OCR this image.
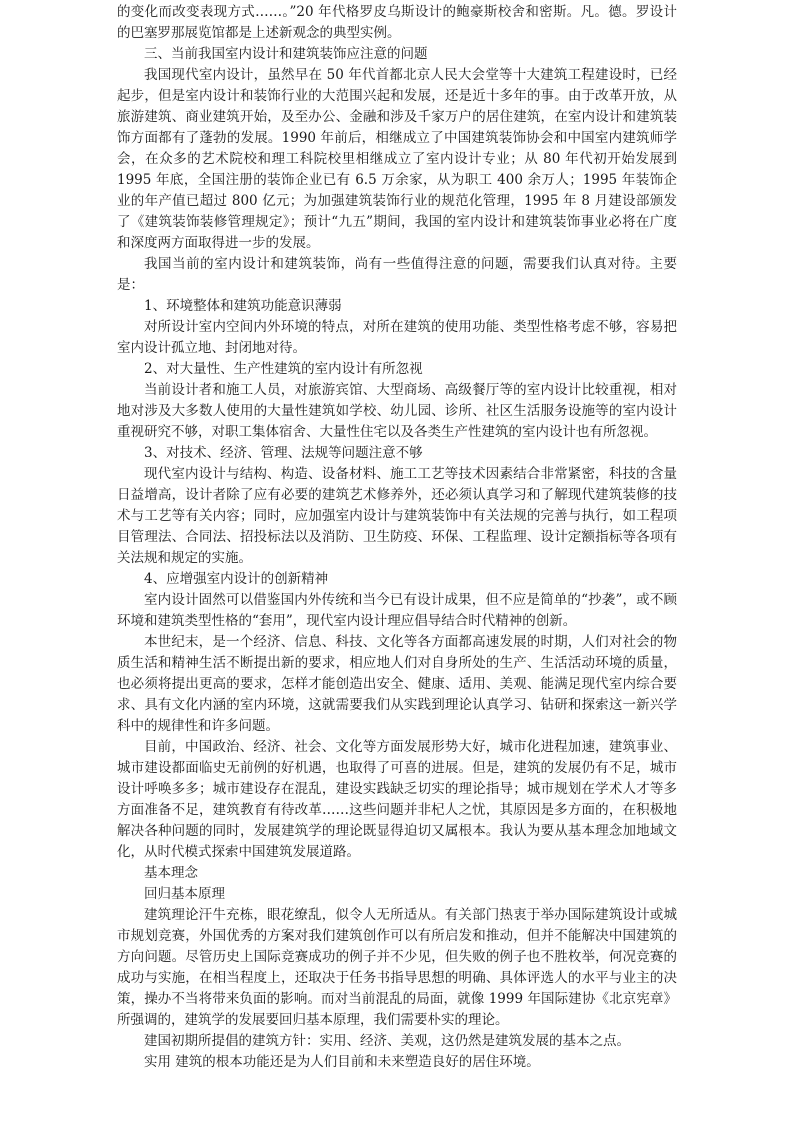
的变化而改变表现方式……。”20 年代格罗皮乌斯设计的鲍豪斯校舍和密斯。凡。德。罗设计的巴塞罗那展览馆都是上述新观念的典型实例。

三、当前我国室内设计和建筑装饰应注意的问题

我国现代室内设计，虽然早在 50 年代首都北京人民大会堂等十大建筑工程建设时，已经起步，但是室内设计和装饰行业的大范围兴起和发展，还是近十多年的事。由于改革开放，从旅游建筑、商业建筑开始，及至办公、金融和涉及千家万户的居住建筑，在室内设计和建筑装饰方面都有了蓬勃的发展。1990 年前后，相继成立了中国建筑装饰协会和中国室内建筑师学会，在众多的艺术院校和理工科院校里相继成立了室内设计专业；从 80 年代初开始发展到 1995 年底，全国注册的装饰企业已有 6.5 万余家，从为职工 400 余万人；1995 年装饰企业的年产值已超过 800 亿元；为加强建筑装饰行业的规范化管理，1995 年 8 月建设部颁发了《建筑装饰装修管理规定》；预计“九五”期间，我国的室内设计和建筑装饰事业必将在广度和深度两方面取得进一步的发展。

我国当前的室内设计和建筑装饰，尚有一些值得注意的问题，需要我们认真对待。主要是：

1、环境整体和建筑功能意识薄弱

对所设计室内空间内外环境的特点，对所在建筑的使用功能、类型性格考虑不够，容易把室内设计孤立地、封闭地对待。

2、对大量性、生产性建筑的室内设计有所忽视

当前设计者和施工人员，对旅游宾馆、大型商场、高级餐厅等的室内设计比较重视，相对地对涉及大多数人使用的大量性建筑如学校、幼儿园、诊所、社区生活服务设施等的室内设计重视研究不够，对职工集体宿舍、大量性住宅以及各类生产性建筑的室内设计也有所忽视。

3、对技术、经济、管理、法规等问题注意不够

现代室内设计与结构、构造、设备材料、施工工艺等技术因素结合非常紧密，科技的含量日益增高，设计者除了应有必要的建筑艺术修养外，还必须认真学习和了解现代建筑装修的技术与工艺等有关内容；同时，应加强室内设计与建筑装饰中有关法规的完善与执行，如工程项目管理法、合同法、招投标法以及消防、卫生防疫、环保、工程监理、设计定额指标等各项有关法规和规定的实施。

4、应增强室内设计的创新精神

室内设计固然可以借鉴国内外传统和当今已有设计成果，但不应是简单的“抄袭”，或不顾环境和建筑类型性格的“套用”，现代室内设计理应倡导结合时代精神的创新。

本世纪末，是一个经济、信息、科技、文化等各方面都高速发展的时期，人们对社会的物质生活和精神生活不断提出新的要求，相应地人们对自身所处的生产、生活活动环境的质量，也必须将提出更高的要求，怎样才能创造出安全、健康、适用、美观、能满足现代室内综合要求、具有文化内涵的室内环境，这就需要我们从实践到理论认真学习、钻研和探索这一新兴学科中的规律性和许多问题。

目前，中国政治、经济、社会、文化等方面发展形势大好，城市化进程加速，建筑事业、城市建设都面临史无前例的好机遇，也取得了可喜的进展。但是，建筑的发展仍有不足，城市设计呼唤多多；城市建设存在混乱，建设实践缺乏切实的理论指导；城市规划在学术人才等多方面准备不足，建筑教育有待改革……这些问题并非杞人之忧，其原因是多方面的，在积极地解决各种问题的同时，发展建筑学的理论既显得迫切又属根本。我认为要从基本理念加地域文化，从时代模式探索中国建筑发展道路。

基本理念

回归基本原理

建筑理论汗牛充栋，眼花缭乱，似令人无所适从。有关部门热衷于举办国际建筑设计或城市规划竞赛，外国优秀的方案对我们建筑创作可以有所启发和推动，但并不能解决中国建筑的方向问题。尽管历史上国际竞赛成功的例子并不少见，但失败的例子也不胜枚举，何况竞赛的成功与实施，在相当程度上，还取决于任务书指导思想的明确、具体评选人的水平与业主的决策，操办不当将带来负面的影响。而对当前混乱的局面，就像 1999 年国际建协《北京宪章》所强调的，建筑学的发展要回归基本原理，我们需要朴实的理论。

建国初期所提倡的建筑方针：实用、经济、美观，这仍然是建筑发展的基本之点。

实用 建筑的根本功能还是为人们目前和未来塑造良好的居住环境。
